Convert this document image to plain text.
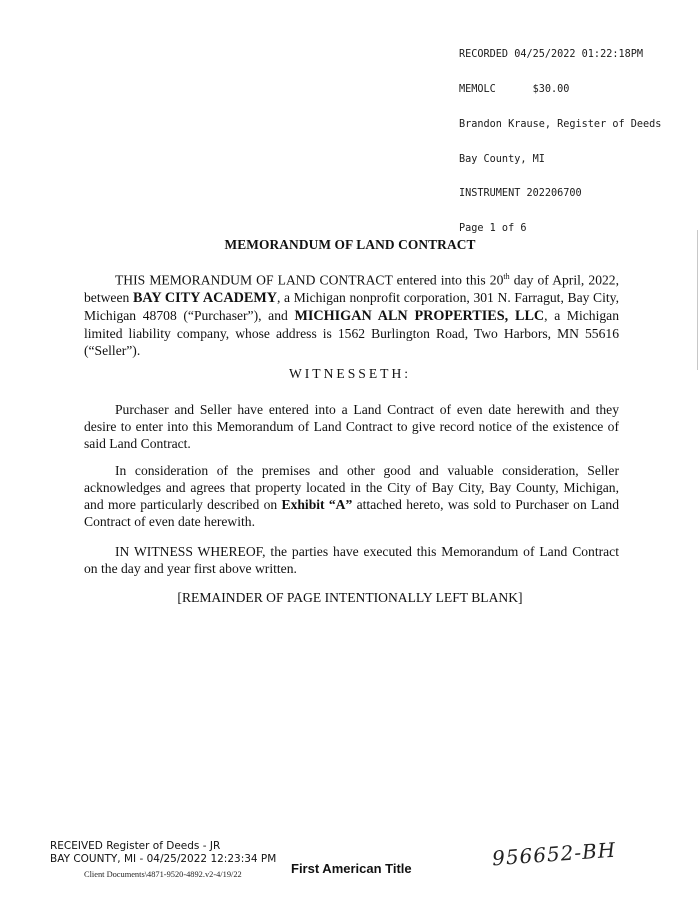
RECORDED 04/25/2022 01:22:18PM

MEMOLC      $30.00

Brandon Krause, Register of Deeds

Bay County, MI

INSTRUMENT 202206700

Page 1 of 6

MEMORANDUM OF LAND CONTRACT
THIS MEMORANDUM OF LAND CONTRACT entered into this 20th day of April, 2022, between BAY CITY ACADEMY, a Michigan nonprofit corporation, 301 N. Farragut, Bay City, Michigan 48708 (“Purchaser”), and MICHIGAN ALN PROPERTIES, LLC, a Michigan limited liability company, whose address is 1562 Burlington Road, Two Harbors, MN 55616 (“Seller”).
WITNESSETH:
Purchaser and Seller have entered into a Land Contract of even date herewith and they desire to enter into this Memorandum of Land Contract to give record notice of the existence of said Land Contract.
In consideration of the premises and other good and valuable consideration, Seller acknowledges and agrees that property located in the City of Bay City, Bay County, Michigan, and more particularly described on Exhibit “A” attached hereto, was sold to Purchaser on Land Contract of even date herewith.
IN WITNESS WHEREOF, the parties have executed this Memorandum of Land Contract on the day and year first above written.
[REMAINDER OF PAGE INTENTIONALLY LEFT BLANK]
RECEIVED Register of Deeds - JR
BAY COUNTY, MI - 04/25/2022 12:23:34 PM
Client Documents\4871-9520-4892.v2-4/19/22	First American Title	956652-BH
